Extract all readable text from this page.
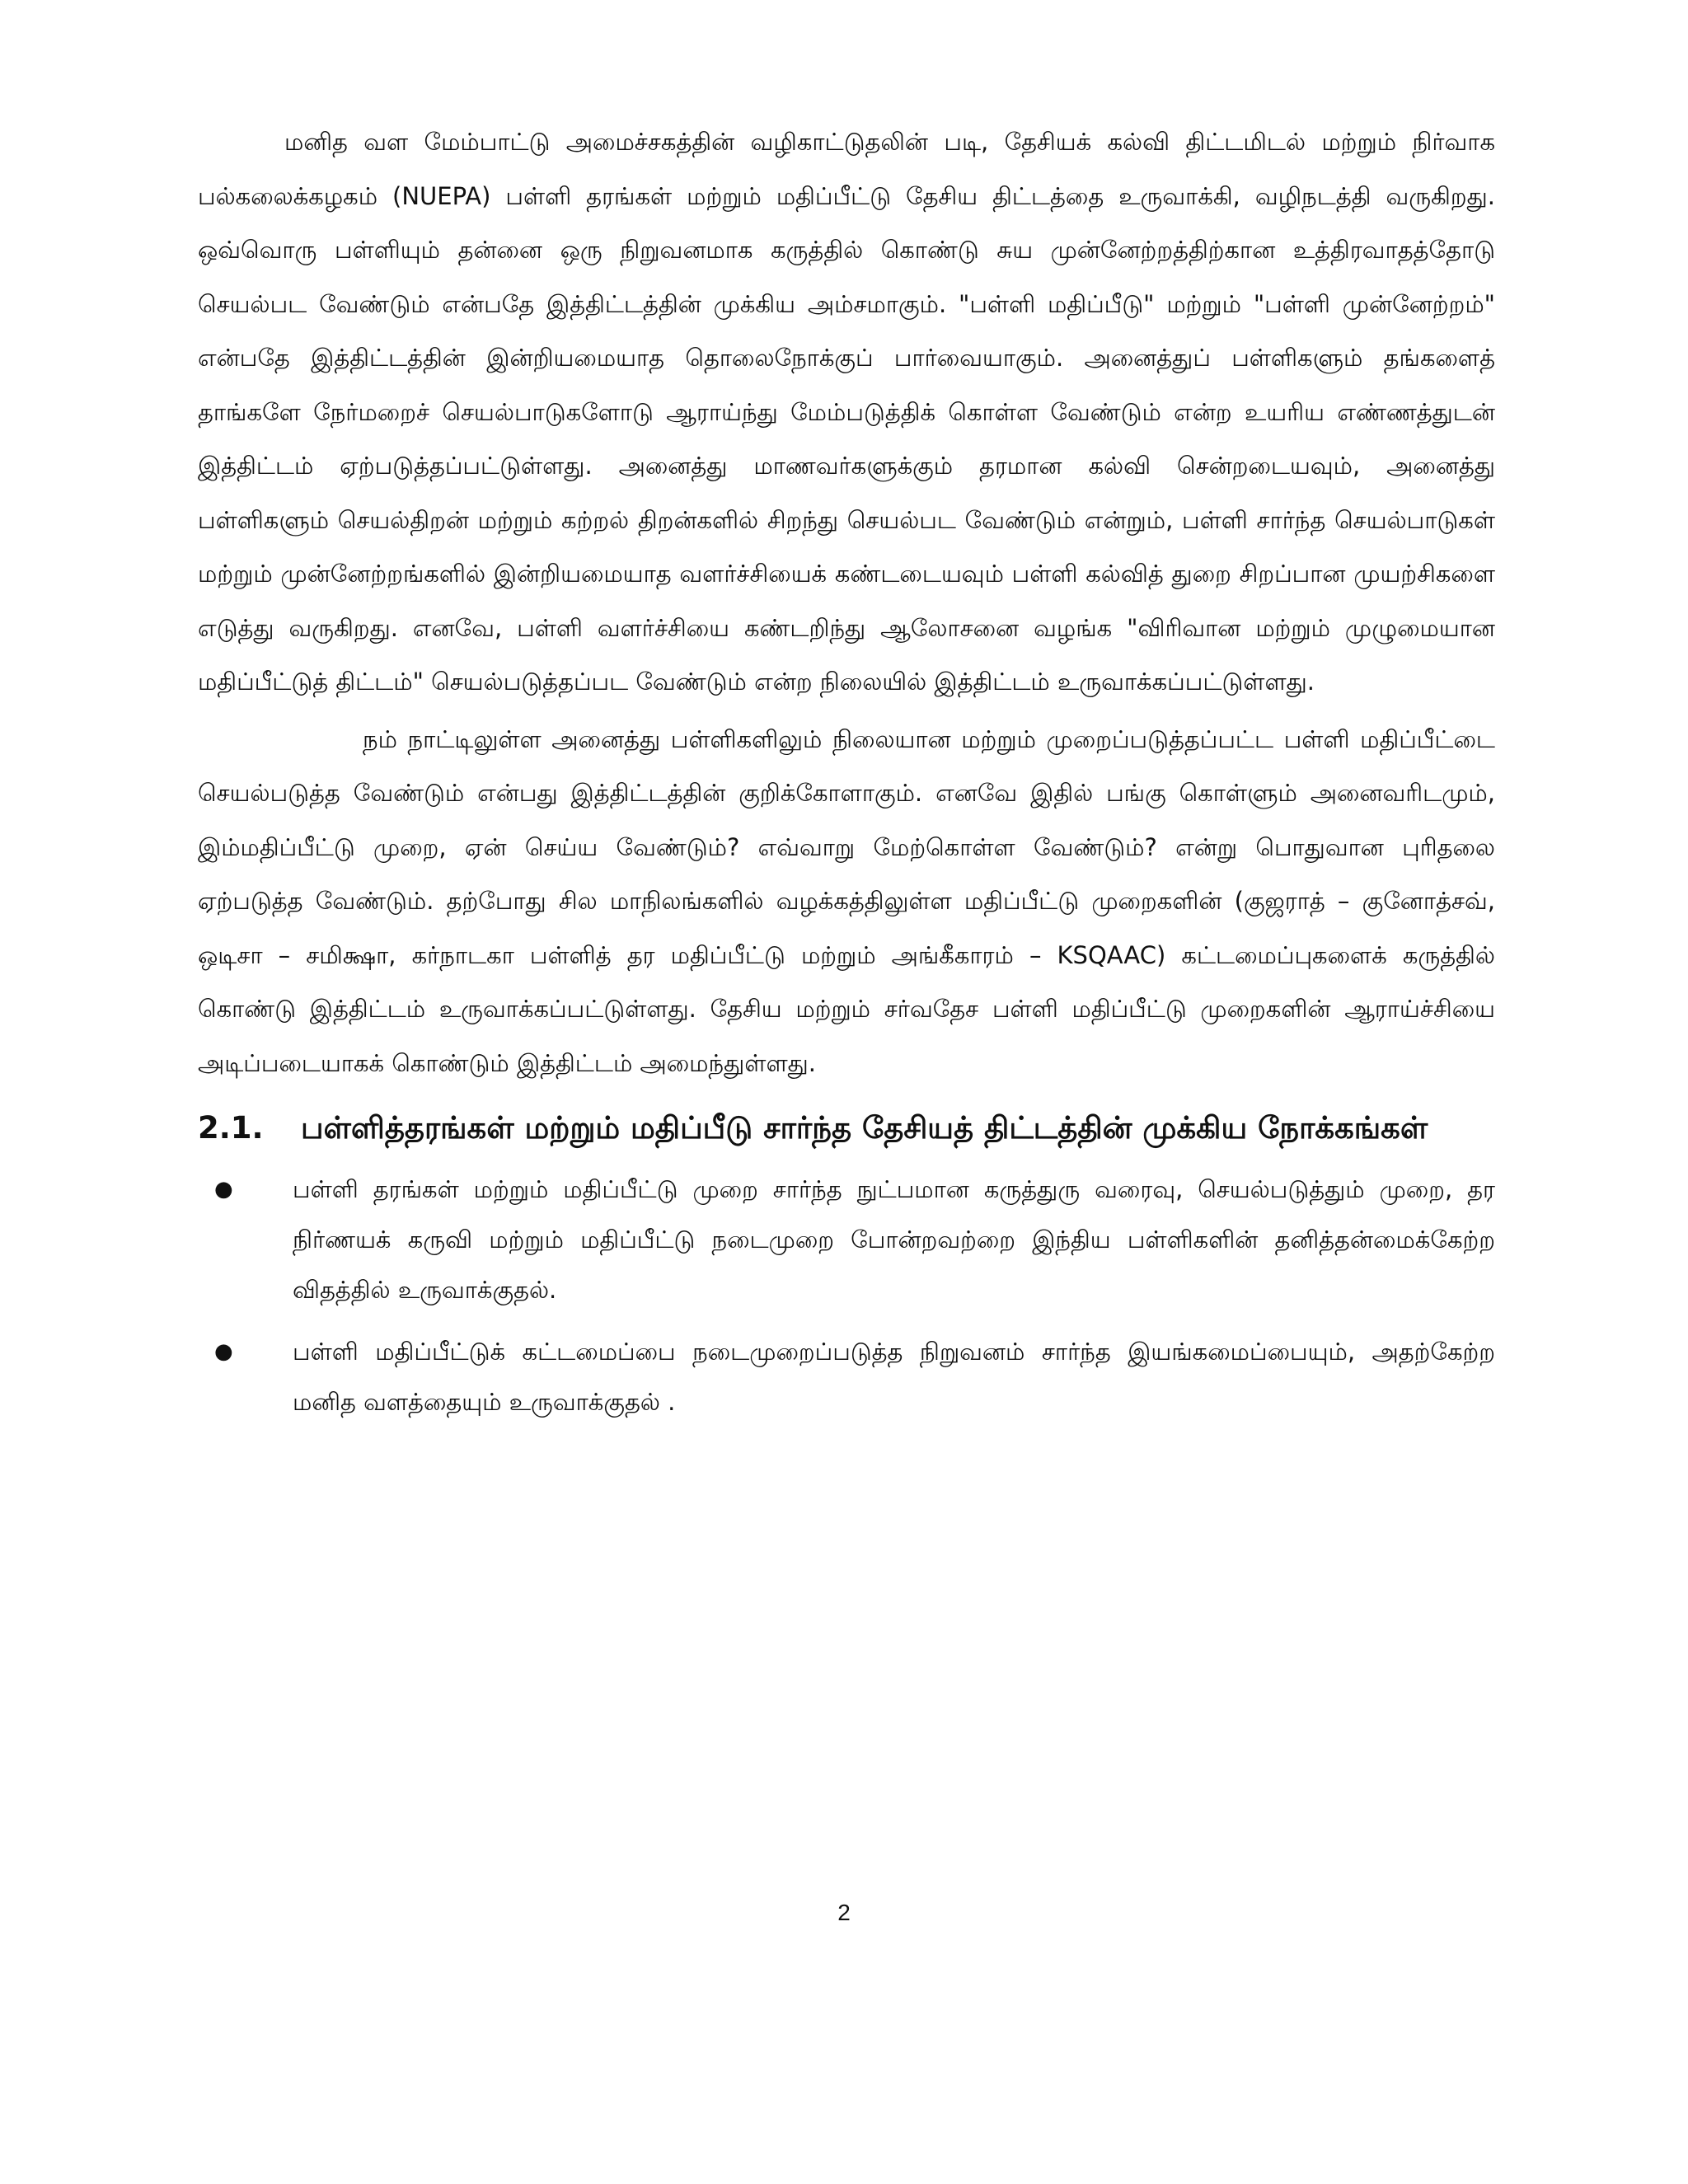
மனித வள மேம்பாட்டு அமைச்சகத்தின் வழிகாட்டுதலின் படி, தேசியக் கல்வி திட்டமிடல் மற்றும் நிர்வாக பல்கலைக்கழகம் (NUEPA) பள்ளி தரங்கள் மற்றும் மதிப்பீட்டு தேசிய திட்டத்தை உருவாக்கி, வழிநடத்தி வருகிறது. ஒவ்வொரு பள்ளியும் தன்னை ஒரு நிறுவனமாக கருத்தில் கொண்டு சுய முன்னேற்றத்திற்கான உத்திரவாதத்தோடு செயல்பட வேண்டும் என்பதே இத்திட்டத்தின் முக்கிய அம்சமாகும். "பள்ளி மதிப்பீடு" மற்றும் "பள்ளி முன்னேற்றம்" என்பதே இத்திட்டத்தின் இன்றியமையாத தொலைநோக்குப் பார்வையாகும். அனைத்துப் பள்ளிகளும் தங்களைத் தாங்களே நேர்மறைச் செயல்பாடுகளோடு ஆராய்ந்து மேம்படுத்திக் கொள்ள வேண்டும் என்ற உயரிய எண்ணத்துடன் இத்திட்டம் ஏற்படுத்தப்பட்டுள்ளது. அனைத்து மாணவர்களுக்கும் தரமான கல்வி சென்றடையவும், அனைத்து பள்ளிகளும் செயல்திறன் மற்றும் கற்றல் திறன்களில் சிறந்து செயல்பட வேண்டும் என்றும், பள்ளி சார்ந்த செயல்பாடுகள் மற்றும் முன்னேற்றங்களில் இன்றியமையாத வளர்ச்சியைக் கண்டடையவும் பள்ளி கல்வித் துறை சிறப்பான முயற்சிகளை எடுத்து வருகிறது. எனவே, பள்ளி வளர்ச்சியை கண்டறிந்து ஆலோசனை வழங்க "விரிவான மற்றும் முழுமையான மதிப்பீட்டுத் திட்டம்" செயல்படுத்தப்பட வேண்டும் என்ற நிலையில் இத்திட்டம் உருவாக்கப்பட்டுள்ளது.

நம் நாட்டிலுள்ள அனைத்து பள்ளிகளிலும் நிலையான மற்றும் முறைப்படுத்தப்பட்ட பள்ளி மதிப்பீட்டை செயல்படுத்த வேண்டும் என்பது இத்திட்டத்தின் குறிக்கோளாகும். எனவே இதில் பங்கு கொள்ளும் அனைவரிடமும், இம்மதிப்பீட்டு முறை, ஏன் செய்ய வேண்டும்? எவ்வாறு மேற்கொள்ள வேண்டும்? என்று பொதுவான புரிதலை ஏற்படுத்த வேண்டும். தற்போது சில மாநிலங்களில் வழக்கத்திலுள்ள மதிப்பீட்டு முறைகளின் (குஜராத் – குனோத்சவ், ஒடிசா – சமிக்ஷா, கர்நாடகா பள்ளித் தர மதிப்பீட்டு மற்றும் அங்கீகாரம் – KSQAAC) கட்டமைப்புகளைக் கருத்தில் கொண்டு இத்திட்டம் உருவாக்கப்பட்டுள்ளது. தேசிய மற்றும் சர்வதேச பள்ளி மதிப்பீட்டு முறைகளின் ஆராய்ச்சியை அடிப்படையாகக் கொண்டும் இத்திட்டம் அமைந்துள்ளது.

2.1.	பள்ளித்தரங்கள் மற்றும் மதிப்பீடு சார்ந்த தேசியத் திட்டத்தின் முக்கிய நோக்கங்கள்
●	பள்ளி தரங்கள் மற்றும் மதிப்பீட்டு முறை சார்ந்த நுட்பமான கருத்துரு வரைவு, செயல்படுத்தும் முறை, தர நிர்ணயக் கருவி மற்றும் மதிப்பீட்டு நடைமுறை போன்றவற்றை இந்திய பள்ளிகளின் தனித்தன்மைக்கேற்ற விதத்தில் உருவாக்குதல்.
●	பள்ளி மதிப்பீட்டுக் கட்டமைப்பை நடைமுறைப்படுத்த நிறுவனம் சார்ந்த இயங்கமைப்பையும், அதற்கேற்ற மனித வளத்தையும் உருவாக்குதல் .
2
